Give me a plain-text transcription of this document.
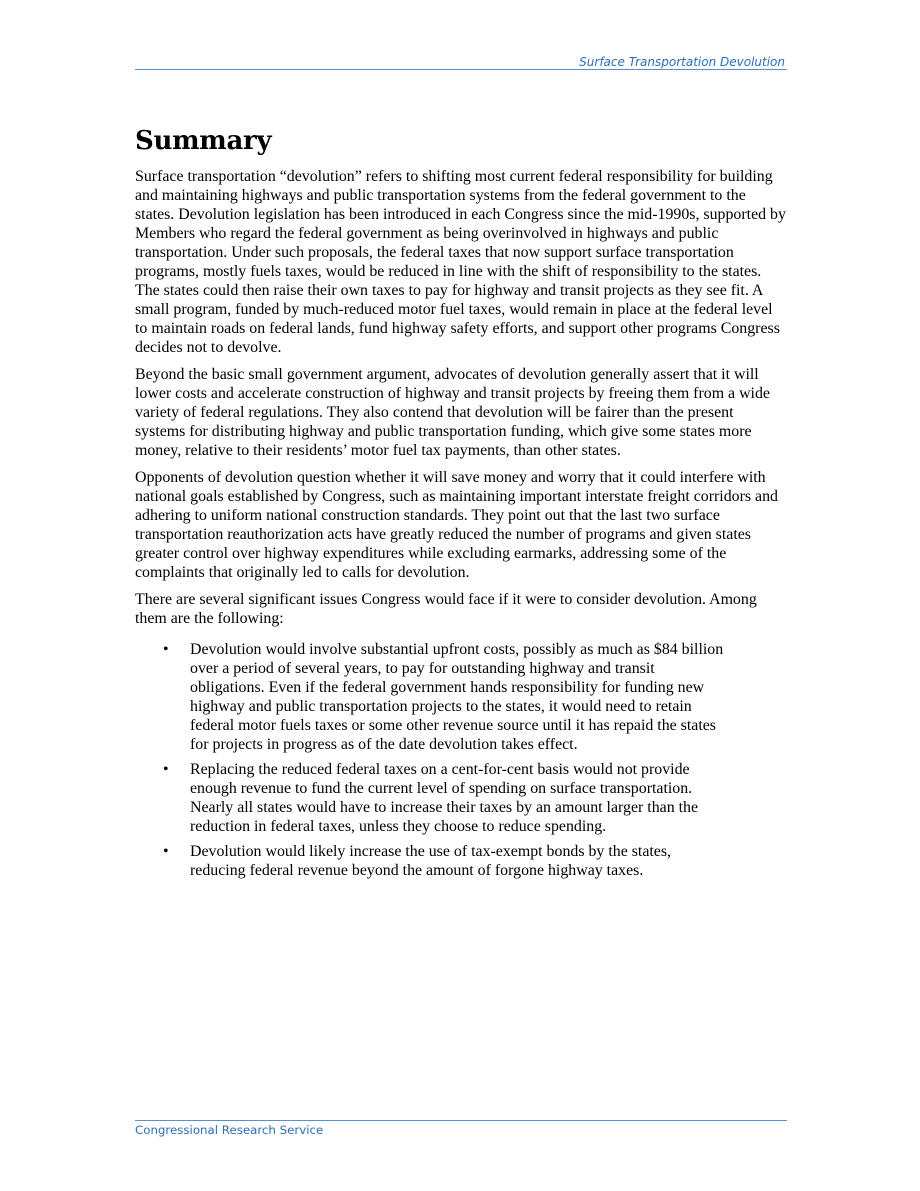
Surface Transportation Devolution
Summary

Surface transportation “devolution” refers to shifting most current federal responsibility for building and maintaining highways and public transportation systems from the federal government to the states. Devolution legislation has been introduced in each Congress since the mid-1990s, supported by Members who regard the federal government as being overinvolved in highways and public transportation. Under such proposals, the federal taxes that now support surface transportation programs, mostly fuels taxes, would be reduced in line with the shift of responsibility to the states. The states could then raise their own taxes to pay for highway and transit projects as they see fit. A small program, funded by much-reduced motor fuel taxes, would remain in place at the federal level to maintain roads on federal lands, fund highway safety efforts, and support other programs Congress decides not to devolve.

Beyond the basic small government argument, advocates of devolution generally assert that it will lower costs and accelerate construction of highway and transit projects by freeing them from a wide variety of federal regulations. They also contend that devolution will be fairer than the present systems for distributing highway and public transportation funding, which give some states more money, relative to their residents’ motor fuel tax payments, than other states.

Opponents of devolution question whether it will save money and worry that it could interfere with national goals established by Congress, such as maintaining important interstate freight corridors and adhering to uniform national construction standards. They point out that the last two surface transportation reauthorization acts have greatly reduced the number of programs and given states greater control over highway expenditures while excluding earmarks, addressing some of the complaints that originally led to calls for devolution.

There are several significant issues Congress would face if it were to consider devolution. Among them are the following:

• Devolution would involve substantial upfront costs, possibly as much as $84 billion over a period of several years, to pay for outstanding highway and transit obligations. Even if the federal government hands responsibility for funding new highway and public transportation projects to the states, it would need to retain federal motor fuels taxes or some other revenue source until it has repaid the states for projects in progress as of the date devolution takes effect.
• Replacing the reduced federal taxes on a cent-for-cent basis would not provide enough revenue to fund the current level of spending on surface transportation. Nearly all states would have to increase their taxes by an amount larger than the reduction in federal taxes, unless they choose to reduce spending.
• Devolution would likely increase the use of tax-exempt bonds by the states, reducing federal revenue beyond the amount of forgone highway taxes.
Congressional Research Service
